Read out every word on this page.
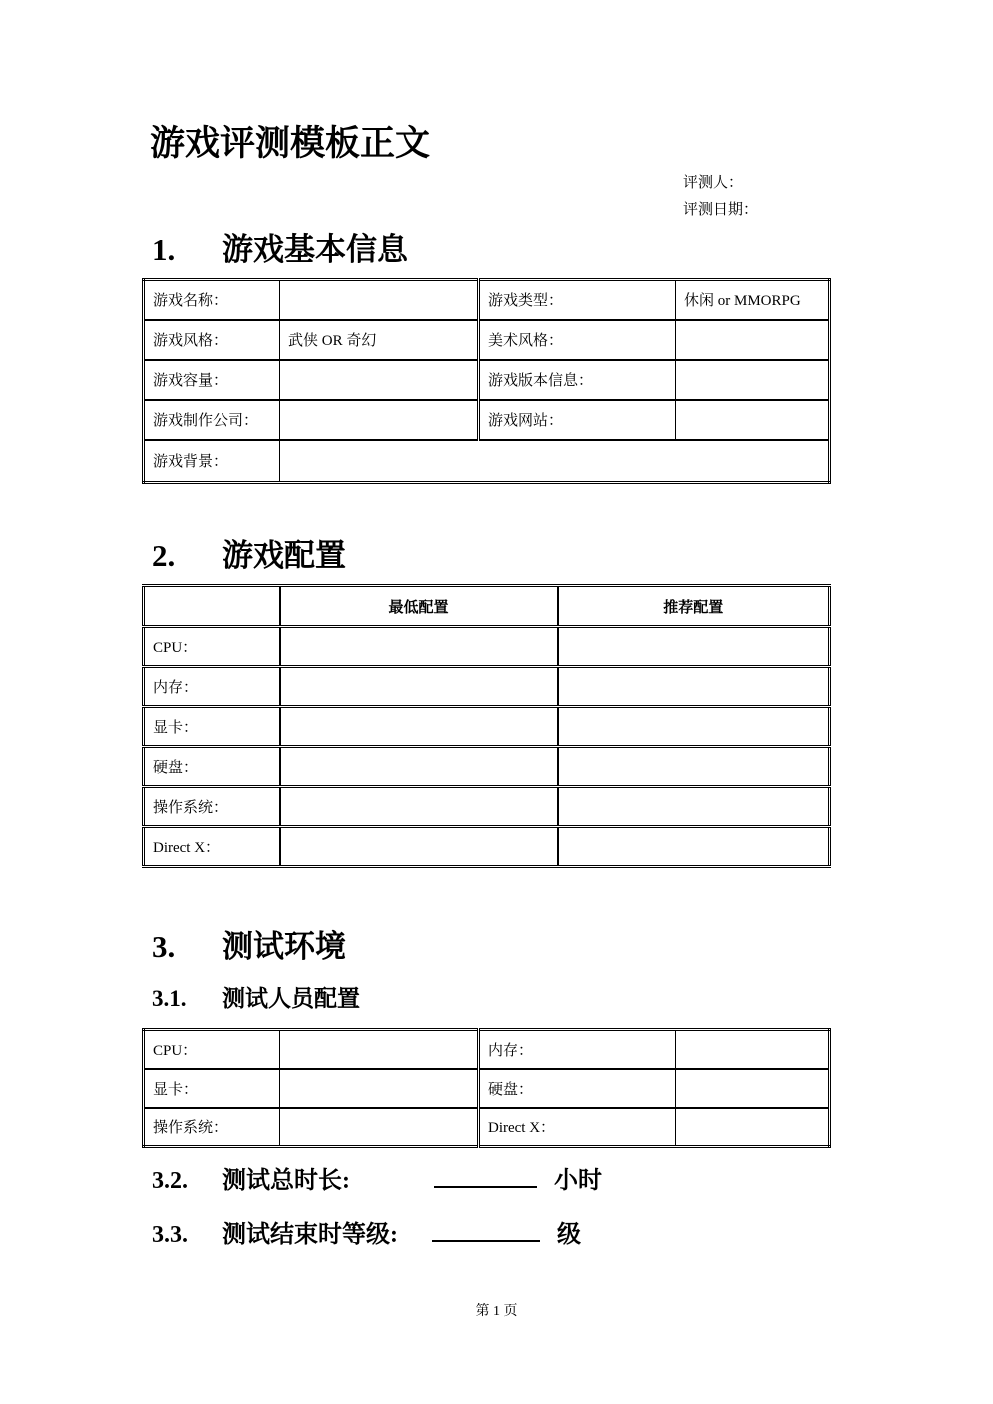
游戏评测模板正文
评测人：
评测日期：
1. 游戏基本信息
游戏名称：		游戏类型：	休闲 or MMORPG
游戏风格：	武侠 OR 奇幻	美术风格：	
游戏容量：		游戏版本信息：	
游戏制作公司：		游戏网站：	
游戏背景：			
2. 游戏配置
	最低配置	推荐配置
CPU：		
内存：		
显卡：		
硬盘：		
操作系统：		
Direct X：		
3. 测试环境
3.1. 测试人员配置
CPU：		内存：	
显卡：		硬盘：	
操作系统：		Direct X：	
3.2. 测试总时长:	小时
3.3. 测试结束时等级:	级
第 1 页
